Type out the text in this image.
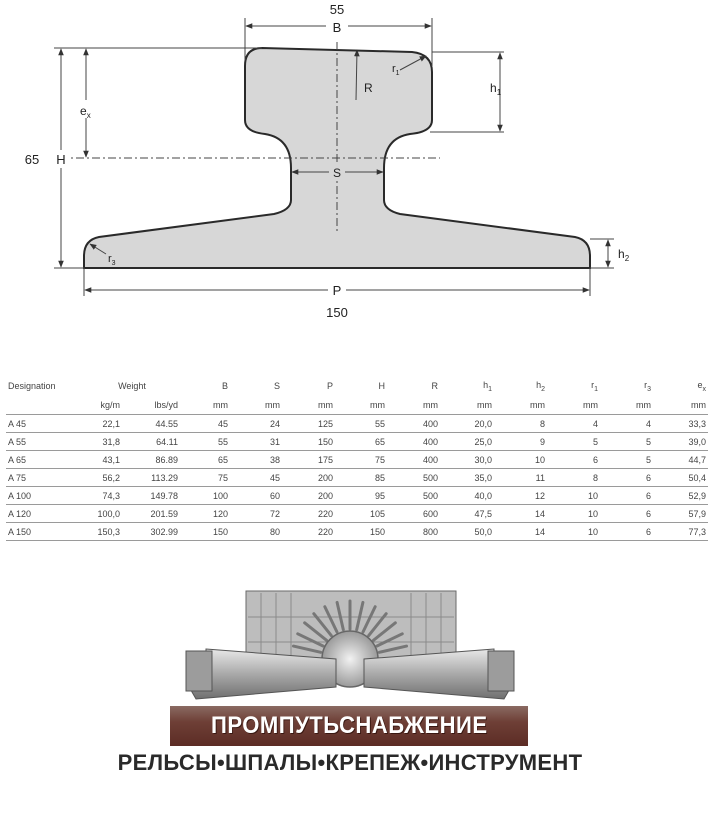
B
55
H
65
$e_x$
$h_1$
$h_2$
P
150
S
R
$r_1$
$r_3$
Designation	Weight		B	S	P	H	R	$h_1$	$h_2$	$r_1$	$r_3$	$e_x$
	kg/m	lbs/yd	mm	mm	mm	mm	mm	mm	mm	mm	mm	mm
A 45	22,1	44.55	45	24	125	55	400	20,0	8	4	4	33,3
A 55	31,8	64.11	55	31	150	65	400	25,0	9	5	5	39,0
A 65	43,1	86.89	65	38	175	75	400	30,0	10	6	5	44,7
A 75	56,2	113.29	75	45	200	85	500	35,0	11	8	6	50,4
A 100	74,3	149.78	100	60	200	95	500	40,0	12	10	6	52,9
A 120	100,0	201.59	120	72	220	105	600	47,5	14	10	6	57,9
A 150	150,3	302.99	150	80	220	150	800	50,0	14	10	6	77,3
ПРОМПУТЬСНАБЖЕНИЕ
РЕЛЬСЫ•ШПАЛЫ•КРЕПЕЖ•ИНСТРУМЕНТ
